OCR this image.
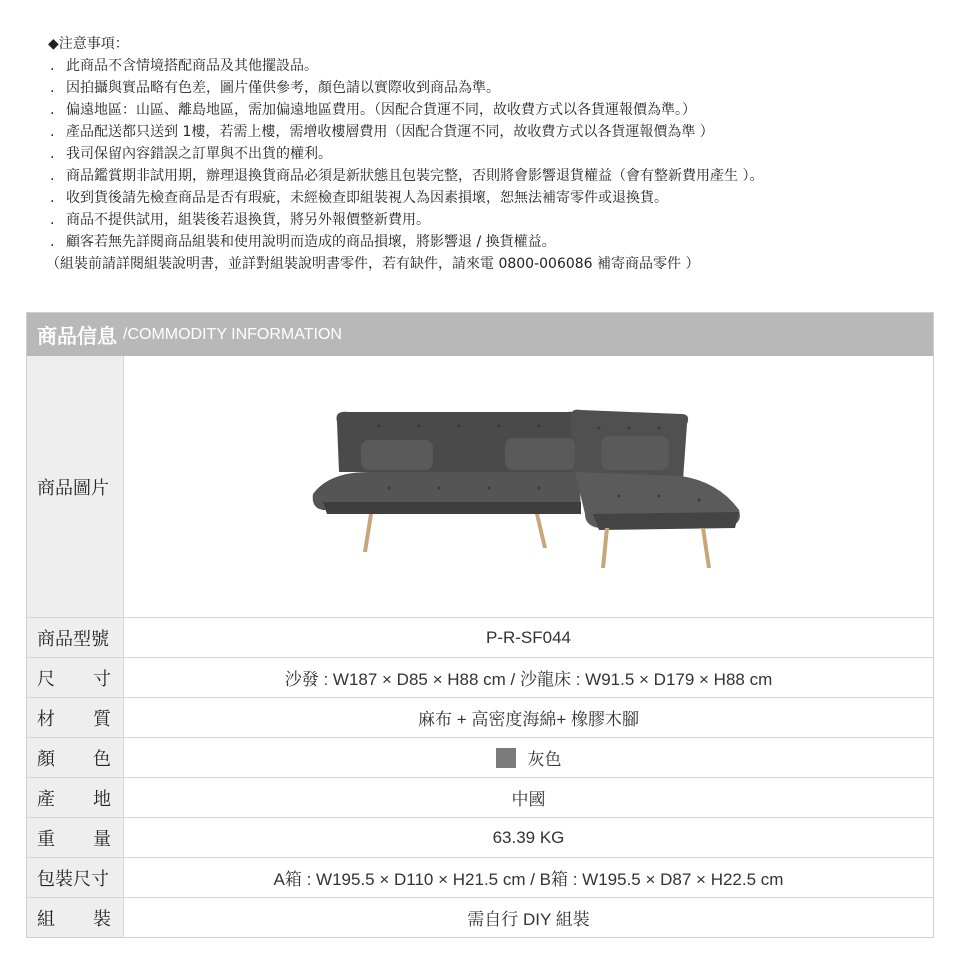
◆注意事項：
. 此商品不含情境搭配商品及其他擺設品。
. 因拍攝與實品略有色差，圖片僅供參考，顏色請以實際收到商品為準。
. 偏遠地區：山區、離島地區，需加偏遠地區費用。（因配合貨運不同，故收費方式以各貨運報價為準。）
. 產品配送都只送到 1樓，若需上樓，需增收樓層費用（因配合貨運不同，故收費方式以各貨運報價為準 ）
. 我司保留內容錯誤之訂單與不出貨的權利。
. 商品鑑賞期非試用期，辦理退換貨商品必須是新狀態且包裝完整，否則將會影響退貨權益（會有整新費用產生 ）。
. 收到貨後請先檢查商品是否有瑕疵，未經檢查即組裝視人為因素損壞，恕無法補寄零件或退換貨。
. 商品不提供試用，組裝後若退換貨，將另外報價整新費用。
. 顧客若無先詳閱商品組裝和使用說明而造成的商品損壞，將影響退 / 換貨權益。
（組裝前請詳閱組裝說明書，並詳對組裝說明書零件，若有缺件，請來電 0800-006086 補寄商品零件 ）
商品信息 /COMMODITY INFORMATION
商品圖片
商品型號	P-R-SF044
尺 寸	沙發 : W187 × D85 × H88 cm / 沙龍床 : W91.5 × D179 × H88 cm
材 質	麻布 + 高密度海綿+ 橡膠木腳
顏 色	灰色
產 地	中國
重 量	63.39 KG
包裝尺寸	A箱 : W195.5 × D110 × H21.5 cm / B箱 : W195.5 × D87 × H22.5 cm
組 裝	需自行 DIY 組裝
